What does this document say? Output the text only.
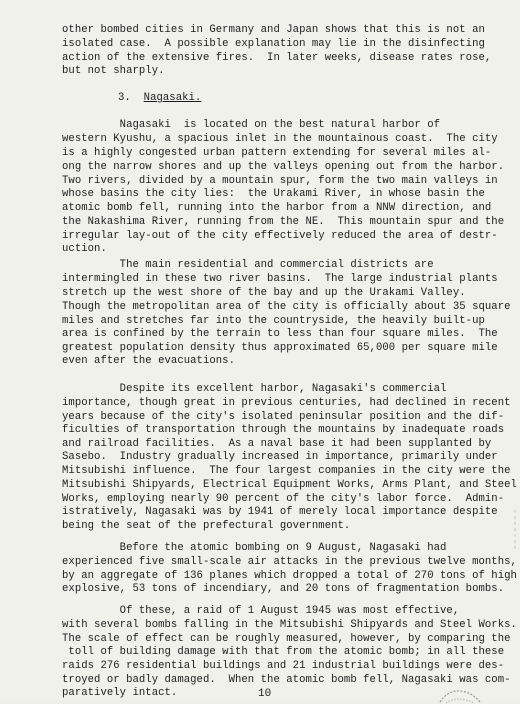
other bombed cities in Germany and Japan shows that this is not an
isolated case.  A possible explanation may lie in the disinfecting
action of the extensive fires.  In later weeks, disease rates rose,
but not sharply.
3. Nagasaki.
Nagasaki  is located on the best natural harbor of
western Kyushu, a spacious inlet in the mountainous coast.  The city
is a highly congested urban pattern extending for several miles al-
ong the narrow shores and up the valleys opening out from the harbor.
Two rivers, divided by a mountain spur, form the two main valleys in
whose basins the city lies:  the Urakami River, in whose basin the
atomic bomb fell, running into the harbor from a NNW direction, and
the Nakashima River, running from the NE.  This mountain spur and the
irregular lay-out of the city effectively reduced the area of destr-
uction.
The main residential and commercial districts are
intermingled in these two river basins.  The large industrial plants
stretch up the west shore of the bay and up the Urakami Valley.
Though the metropolitan area of the city is officially about 35 square
miles and stretches far into the countryside, the heavily built-up
area is confined by the terrain to less than four square miles.  The
greatest population density thus approximated 65,000 per square mile
even after the evacuations.
Despite its excellent harbor, Nagasaki's commercial
importance, though great in previous centuries, had declined in recent
years because of the city's isolated peninsular position and the dif-
ficulties of transportation through the mountains by inadequate roads
and railroad facilities.  As a naval base it had been supplanted by
Sasebo.  Industry gradually increased in importance, primarily under
Mitsubishi influence.  The four largest companies in the city were the
Mitsubishi Shipyards, Electrical Equipment Works, Arms Plant, and Steel
Works, employing nearly 90 percent of the city's labor force.  Admin-
istratively, Nagasaki was by 1941 of merely local importance despite
being the seat of the prefectural government.
Before the atomic bombing on 9 August, Nagasaki had
experienced five small-scale air attacks in the previous twelve months,
by an aggregate of 136 planes which dropped a total of 270 tons of high
explosive, 53 tons of incendiary, and 20 tons of fragmentation bombs.
Of these, a raid of 1 August 1945 was most effective,
with several bombs falling in the Mitsubishi Shipyards and Steel Works.
The scale of effect can be roughly measured, however, by comparing the
toll of building damage with that from the atomic bomb; in all these
raids 276 residential buildings and 21 industrial buildings were des-
troyed or badly damaged.  When the atomic bomb fell, Nagasaki was com-
paratively intact.	10
